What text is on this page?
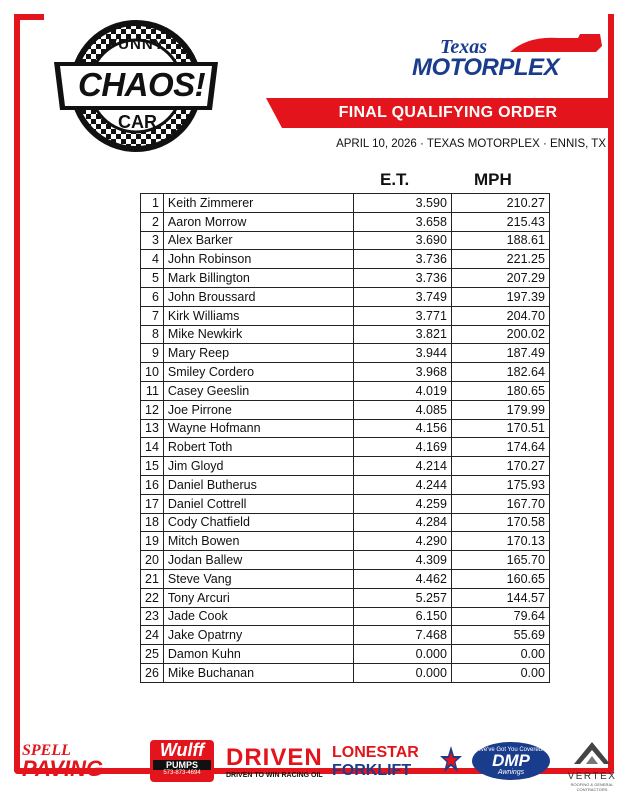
FUNNY
CHAOS!
CAR
Texas
MOTORPLEX
FINAL QUALIFYING ORDER
APRIL 10, 2026 · TEXAS MOTORPLEX · ENNIS, TX
E.T.	MPH
1	Keith Zimmerer	3.590	210.27
2	Aaron Morrow	3.658	215.43
3	Alex Barker	3.690	188.61
4	John Robinson	3.736	221.25
5	Mark Billington	3.736	207.29
6	John Broussard	3.749	197.39
7	Kirk Williams	3.771	204.70
8	Mike Newkirk	3.821	200.02
9	Mary Reep	3.944	187.49
10	Smiley Cordero	3.968	182.64
11	Casey Geeslin	4.019	180.65
12	Joe Pirrone	4.085	179.99
13	Wayne Hofmann	4.156	170.51
14	Robert Toth	4.169	174.64
15	Jim Gloyd	4.214	170.27
16	Daniel Butherus	4.244	175.93
17	Daniel Cottrell	4.259	167.70
18	Cody Chatfield	4.284	170.58
19	Mitch Bowen	4.290	170.13
20	Jodan Ballew	4.309	165.70
21	Steve Vang	4.462	160.65
22	Tony Arcuri	5.257	144.57
23	Jade Cook	6.150	79.64
24	Jake Opatrny	7.468	55.69
25	Damon Kuhn	0.000	0.00
26	Mike Buchanan	0.000	0.00
SPELL
PAVING
Wulff
PUMPS
573-873-4694
DRIVEN
DRIVEN TO WIN RACING OIL
LONESTAR
FORKLIFT
We've Got You Covered!
DMP
Awnings	VERTEX
ROOFING & GENERAL CONTRACTORS
